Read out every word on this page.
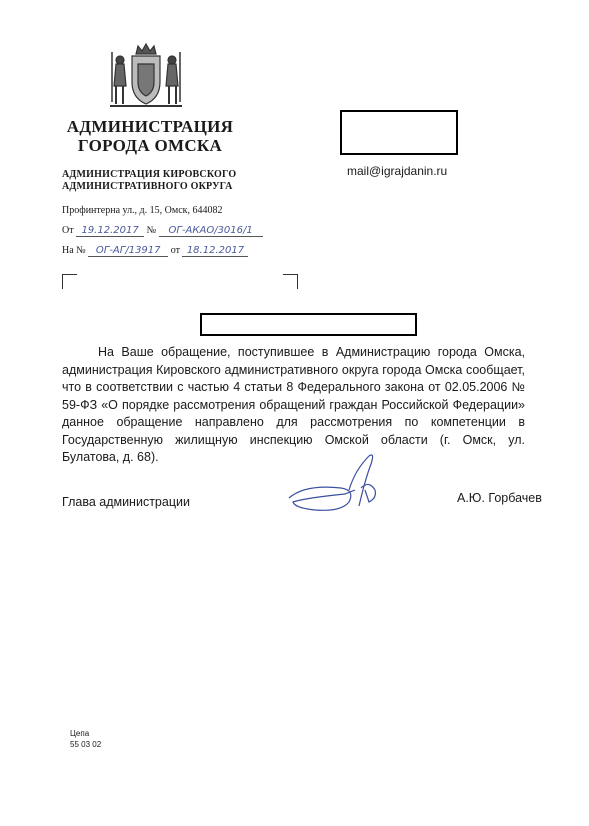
АДМИНИСТРАЦИЯ
ГОРОДА ОМСКА
АДМИНИСТРАЦИЯ КИРОВСКОГО
АДМИНИСТРАТИВНОГО ОКРУГА
Профинтерна ул., д. 15, Омск, 644082
От 19.12.2017 № ОГ-АКАО/3016/1
На № ОГ-АГ/13917 от 18.12.2017
mail@igrajdanin.ru

На Ваше обращение, поступившее в Администрацию города Омска, администрация Кировского административного округа города Омска сообщает, что в соответствии с частью 4 статьи 8 Федерального закона от 02.05.2006 № 59-ФЗ «О порядке рассмотрения обращений граждан Российской Федерации» данное обращение направлено для рассмотрения по компетенции в Государственную жилищную инспекцию Омской области (г. Омск, ул. Булатова, д. 68).

Глава администрации	А.Ю. Горбачев
Цепа
55 03 02
